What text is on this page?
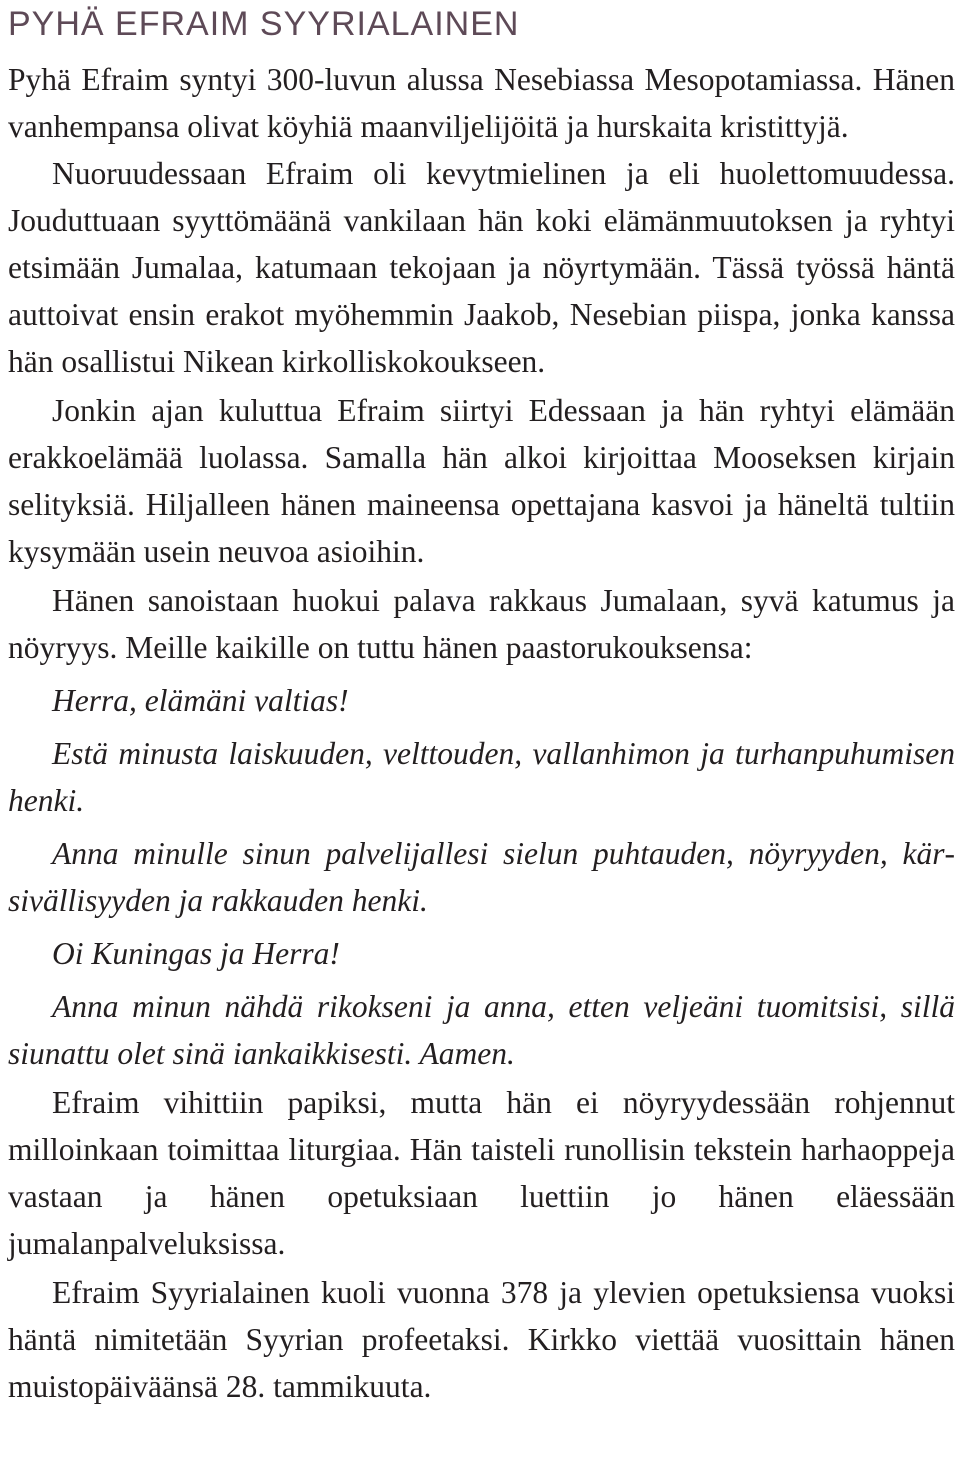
PYHÄ EFRAIM SYYRIALAINEN

Pyhä Efraim syntyi 300-luvun alussa Nesebiassa Mesopotamiassa. Hänen vanhempansa olivat köyhiä maanviljelijöitä ja hurskaita kristittyjä.

Nuoruudessaan Efraim oli kevytmielinen ja eli huolettomuudessa. Jouduttuaan syyttömäänä vankilaan hän koki elämänmuutoksen ja ryhtyi etsimään Jumalaa, katumaan tekojaan ja nöyrtymään. Tässä työssä häntä auttoivat ensin erakot myöhemmin Jaakob, Nesebian piispa, jonka kanssa hän osallistui Nikean kirkolliskokoukseen.

Jonkin ajan kuluttua Efraim siirtyi Edessaan ja hän ryhtyi elämään erakkoelämää luolassa. Samalla hän alkoi kirjoittaa Mooseksen kirjain selityksiä. Hiljalleen hänen maineensa opettajana kasvoi ja häneltä tultiin kysymään usein neuvoa asioihin.

Hänen sanoistaan huokui palava rakkaus Jumalaan, syvä katumus ja nöyryys. Meille kaikille on tuttu hänen paastorukouksensa:

Herra, elämäni valtias!

Estä minusta laiskuuden, velttouden, vallanhimon ja turhanpuhumisen henki.

Anna minulle sinun palvelijallesi sielun puhtauden, nöyryyden, kärsivällisyyden ja rakkauden henki.

Oi Kuningas ja Herra!

Anna minun nähdä rikokseni ja anna, etten veljeäni tuomitsisi, sillä siunattu olet sinä iankaikkisesti. Aamen.

Efraim vihittiin papiksi, mutta hän ei nöyryydessään rohjennut milloinkaan toimittaa liturgiaa. Hän taisteli runollisin tekstein harhaoppeja vastaan ja hänen opetuksiaan luettiin jo hänen eläessään jumalanpalveluksissa.

Efraim Syyrialainen kuoli vuonna 378 ja ylevien opetuksiensa vuoksi häntä nimitetään Syyrian profeetaksi. Kirkko viettää vuosittain hänen muistopäiväänsä 28. tammikuuta.
